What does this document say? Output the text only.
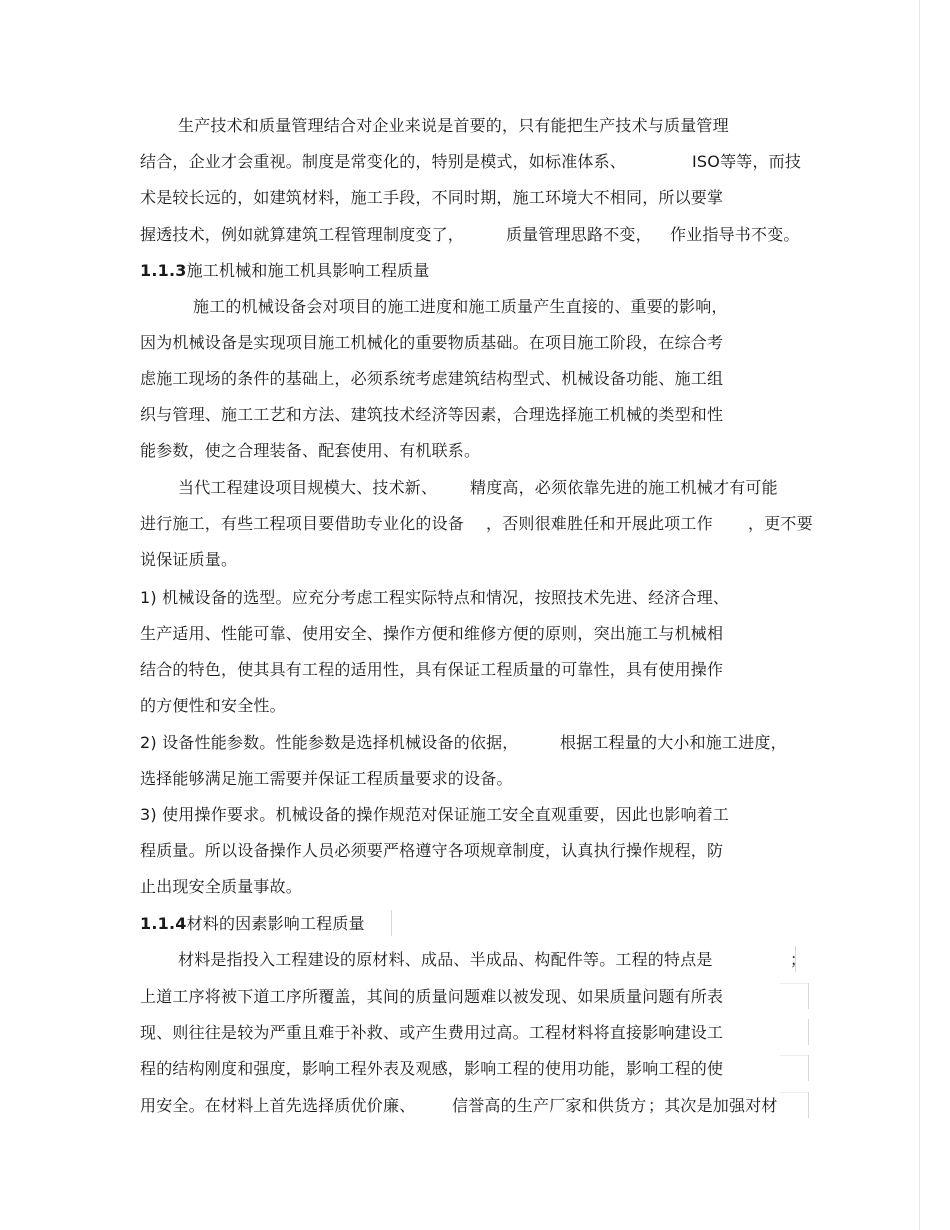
生产技术和质量管理结合对企业来说是首要的，只有能把生产技术与质量管理
结合，企业才会重视。制度是常变化的，特别是模式，如标准体系、	ISO等等，而技
术是较长远的，如建筑材料，施工手段，不同时期，施工环境大不相同，所以要掌
握透技术，例如就算建筑工程管理制度变了，	质量管理思路不变， 作业指导书不变。
1.1.3施工机械和施工机具影响工程质量
施工的机械设备会对项目的施工进度和施工质量产生直接的、重要的影响，
因为机械设备是实现项目施工机械化的重要物质基础。在项目施工阶段，在综合考
虑施工现场的条件的基础上，必须系统考虑建筑结构型式、机械设备功能、施工组
织与管理、施工工艺和方法、建筑技术经济等因素，合理选择施工机械的类型和性
能参数，使之合理装备、配套使用、有机联系。
当代工程建设项目规模大、技术新、 精度高，必须依靠先进的施工机械才有可能
进行施工，有些工程项目要借助专业化的设备 ，否则很难胜任和开展此项工作 ，更不要
说保证质量。
1) 机械设备的选型。应充分考虑工程实际特点和情况，按照技术先进、经济合理、
生产适用、性能可靠、使用安全、操作方便和维修方便的原则，突出施工与机械相
结合的特色，使其具有工程的适用性，具有保证工程质量的可靠性，具有使用操作
的方便性和安全性。
2) 设备性能参数。性能参数是选择机械设备的依据，	根据工程量的大小和施工进度，
选择能够满足施工需要并保证工程质量要求的设备。
3) 使用操作要求。机械设备的操作规范对保证施工安全直观重要，因此也影响着工
程质量。所以设备操作人员必须要严格遵守各项规章制度，认真执行操作规程，防
止出现安全质量事故。
1.1.4材料的因素影响工程质量
材料是指投入工程建设的原材料、成品、半成品、构配件等。工程的特点是	；
上道工序将被下道工序所覆盖，其间的质量问题难以被发现、如果质量问题有所表
现、则往往是较为严重且难于补救、或产生费用过高。工程材料将直接影响建设工
程的结构刚度和强度，影响工程外表及观感，影响工程的使用功能，影响工程的使
用安全。在材料上首先选择质优价廉、 信誉高的生产厂家和供货方 ；其次是加强对材
